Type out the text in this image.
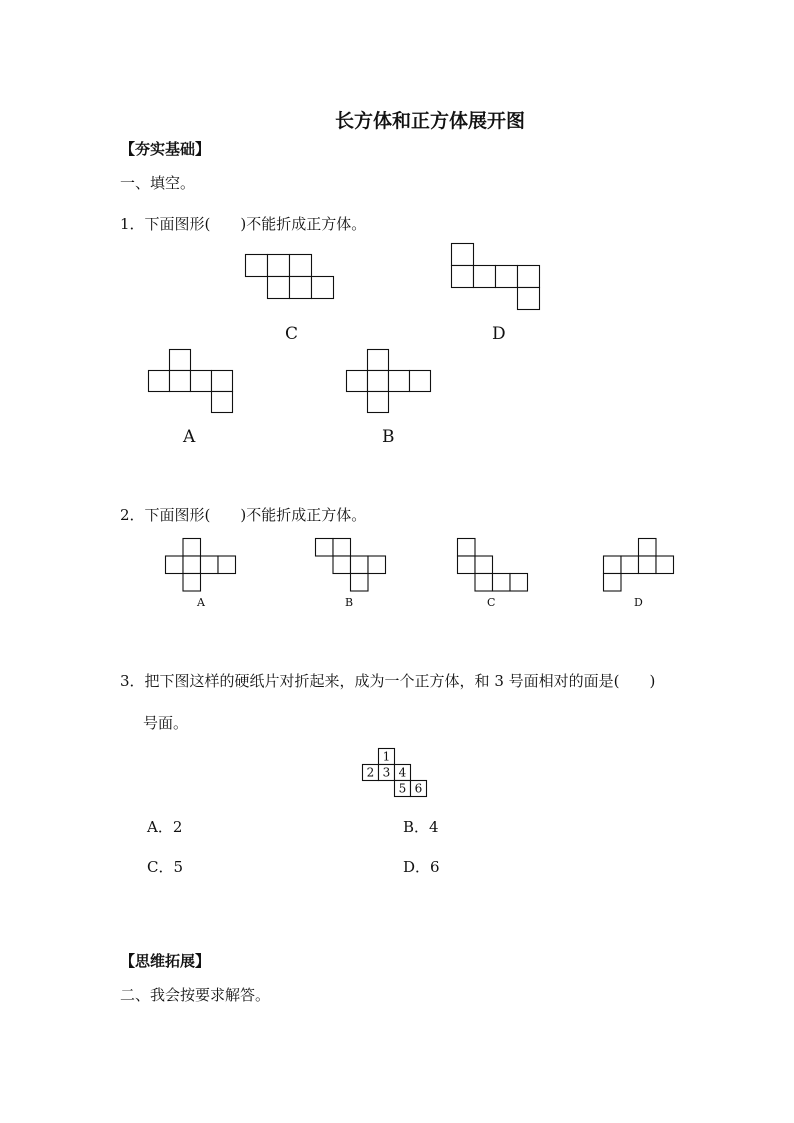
长方体和正方体展开图
【夯实基础】
一、填空。
1．下面图形(　　)不能折成正方体。
C	D
A	B
2．下面图形(　　)不能折成正方体。
A	B	C	D
3．把下图这样的硬纸片对折起来，成为一个正方体，和 3 号面相对的面是(　　)
号面。
1
2 3 4
5 6
A．2	B．4
C．5	D．6
【思维拓展】
二、我会按要求解答。
